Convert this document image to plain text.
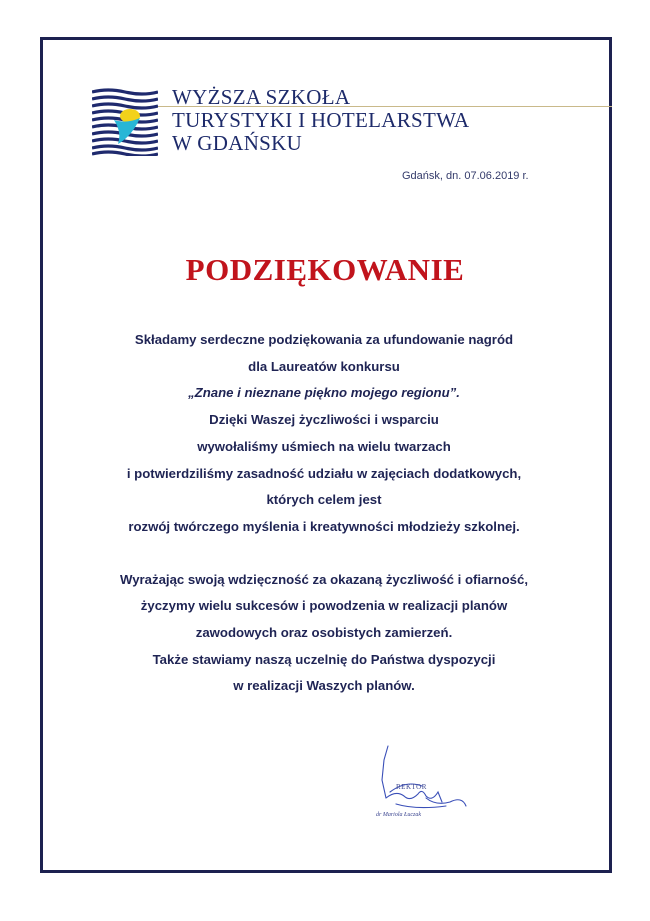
WYŻSZA SZKOŁA
TURYSTYKI I HOTELARSTWA
W GDAŃSKU
Gdańsk, dn. 07.06.2019 r.
PODZIĘKOWANIE
Składamy serdeczne podziękowania za ufundowanie nagród
dla Laureatów konkursu
„Znane i nieznane piękno mojego regionu”.
Dzięki Waszej życzliwości i wsparciu
wywołaliśmy uśmiech na wielu twarzach
i potwierdziliśmy zasadność udziału w zajęciach dodatkowych,
których celem jest
rozwój twórczego myślenia i kreatywności młodzieży szkolnej.
Wyrażając swoją wdzięczność za okazaną życzliwość i ofiarność,
życzymy wielu sukcesów i powodzenia w realizacji planów
zawodowych oraz osobistych zamierzeń.
Także stawiamy naszą uczelnię do Państwa dyspozycji
w realizacji Waszych planów.
REKTOR
dr Mariola Łuczak
